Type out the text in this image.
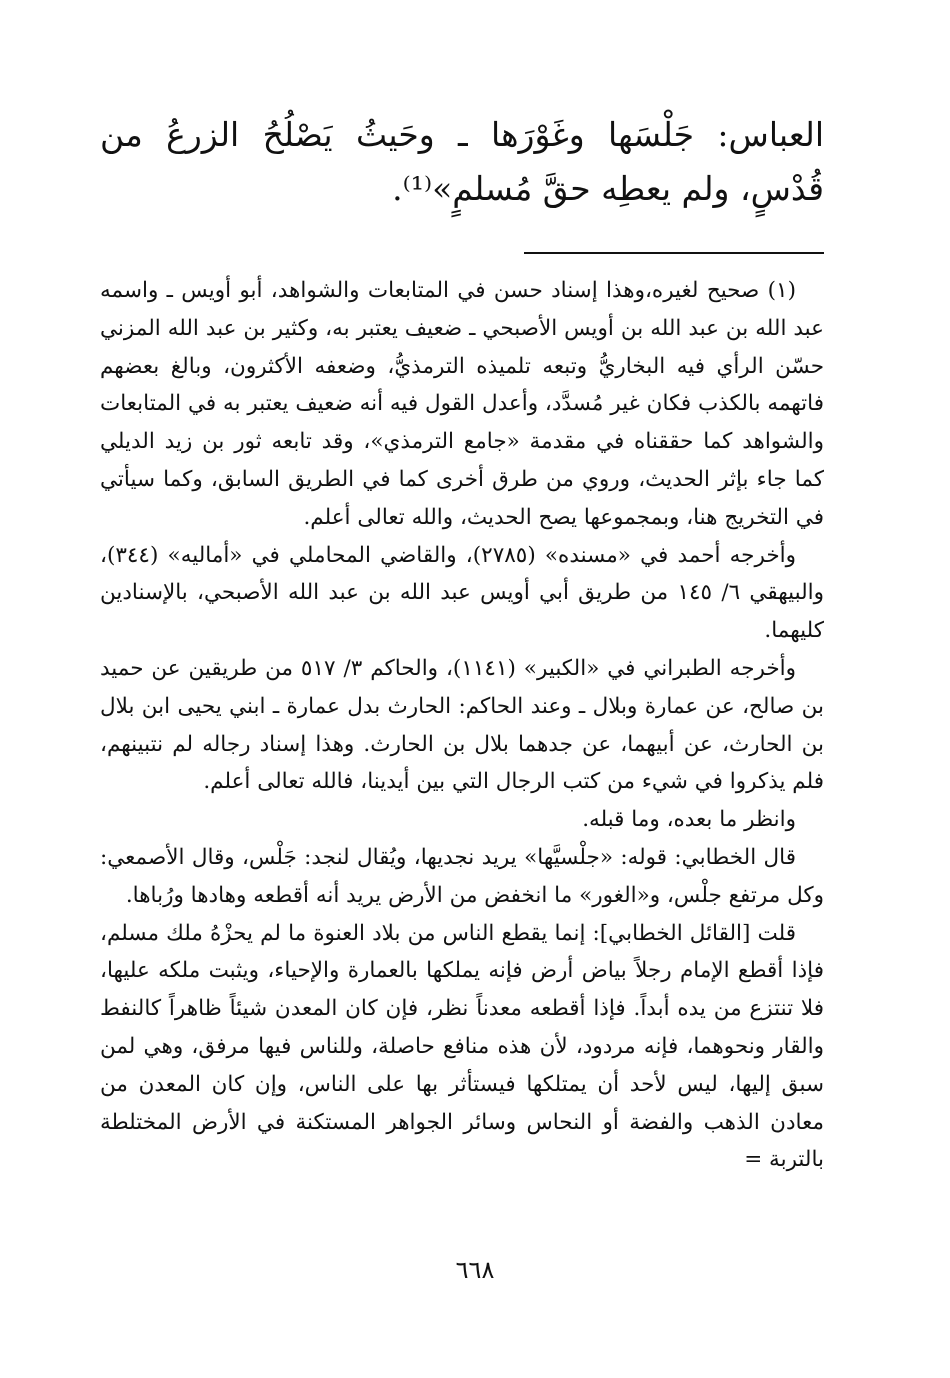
العباس: جَلْسَها وغَوْرَها ـ وحَيثُ يَصْلُحُ الزرعُ من قُدْسٍ، ولم يعطِه حقَّ مُسلمٍ»⁽¹⁾.

(١) صحيح لغيره،وهذا إسناد حسن في المتابعات والشواهد، أبو أويس ـ واسمه عبد الله بن عبد الله بن أويس الأصبحي ـ ضعيف يعتبر به، وكثير بن عبد الله المزني حسّن الرأي فيه البخاريُّ وتبعه تلميذه الترمذيُّ، وضعفه الأكثرون، وبالغ بعضهم فاتهمه بالكذب فكان غير مُسدَّد، وأعدل القول فيه أنه ضعيف يعتبر به في المتابعات والشواهد كما حققناه في مقدمة «جامع الترمذي»، وقد تابعه ثور بن زيد الديلي كما جاء بإثر الحديث، وروي من طرق أخرى كما في الطريق السابق، وكما سيأتي في التخريج هنا، وبمجموعها يصح الحديث، والله تعالى أعلم.

وأخرجه أحمد في «مسنده» (٢٧٨٥)، والقاضي المحاملي في «أماليه» (٣٤٤)، والبيهقي ٦/ ١٤٥ من طريق أبي أويس عبد الله بن عبد الله الأصبحي، بالإسنادين كليهما.

وأخرجه الطبراني في «الكبير» (١١٤١)، والحاكم ٣/ ٥١٧ من طريقين عن حميد بن صالح، عن عمارة وبلال ـ وعند الحاكم: الحارث بدل عمارة ـ ابني يحيى ابن بلال بن الحارث، عن أبيهما، عن جدهما بلال بن الحارث. وهذا إسناد رجاله لم نتبينهم، فلم يذكروا في شيء من كتب الرجال التي بين أيدينا، فالله تعالى أعلم.

وانظر ما بعده، وما قبله.

قال الخطابي: قوله: «جلْسيَّها» يريد نجديها، ويُقال لنجد: جَلْس، وقال الأصمعي: وكل مرتفع جلْس، و«الغور» ما انخفض من الأرض يريد أنه أقطعه وهادها ورُباها.

قلت [القائل الخطابي]: إنما يقطع الناس من بلاد العنوة ما لم يحزْهُ ملك مسلم، فإذا أقطع الإمام رجلاً بياض أرض فإنه يملكها بالعمارة والإحياء، ويثبت ملكه عليها، فلا تنتزع من يده أبداً. فإذا أقطعه معدناً نظر، فإن كان المعدن شيئاً ظاهراً كالنفط والقار ونحوهما، فإنه مردود، لأن هذه منافع حاصلة، وللناس فيها مرفق، وهي لمن سبق إليها، ليس لأحد أن يمتلكها فيستأثر بها على الناس، وإن كان المعدن من معادن الذهب والفضة أو النحاس وسائر الجواهر المستكنة في الأرض المختلطة بالتربة =

٦٦٨
